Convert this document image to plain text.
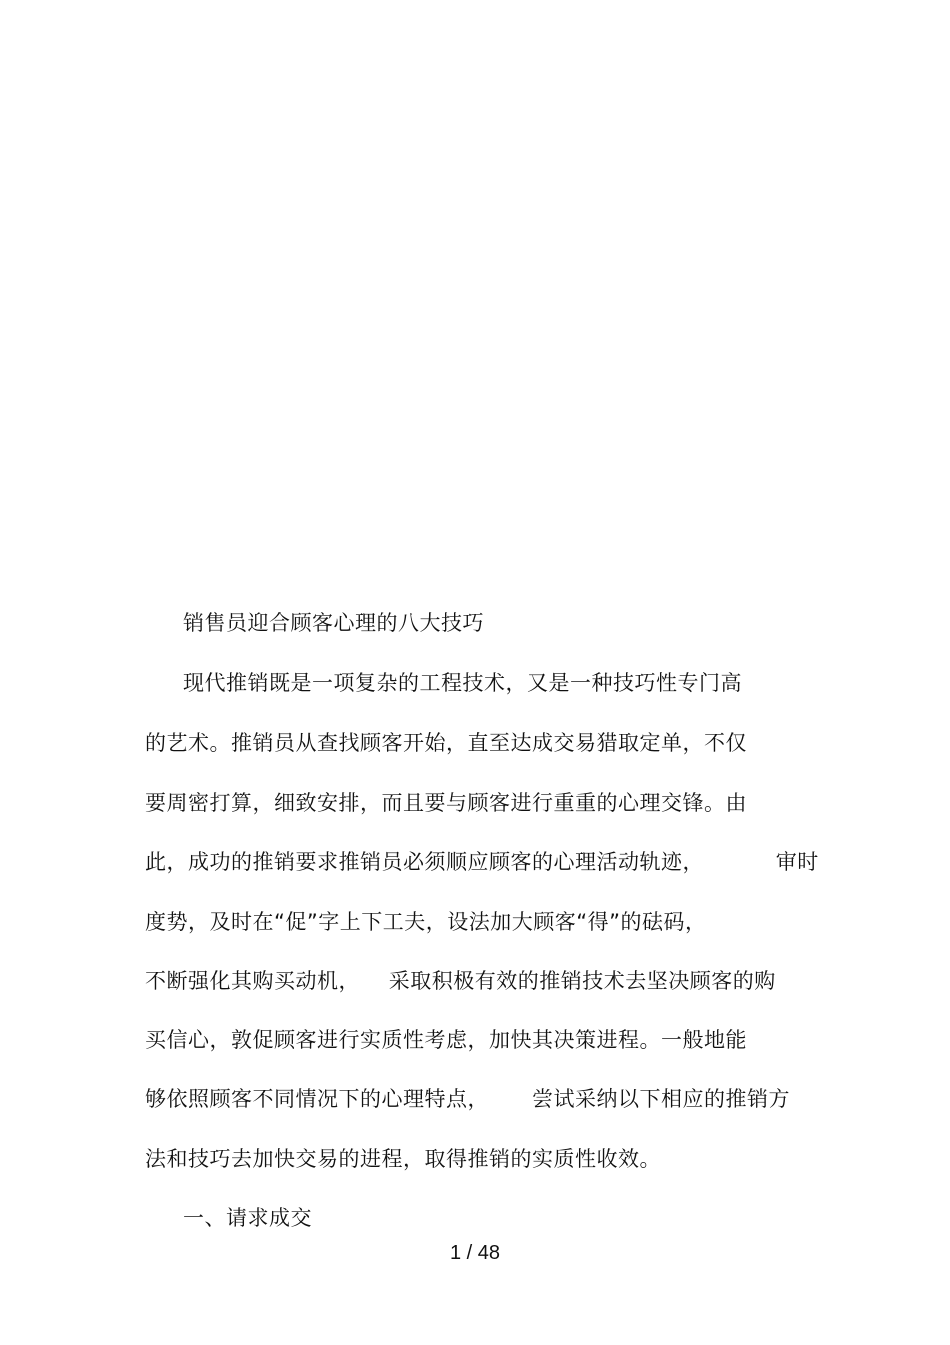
销售员迎合顾客心理的八大技巧
现代推销既是一项复杂的工程技术，又是一种技巧性专门高
的艺术。推销员从查找顾客开始，直至达成交易猎取定单，不仅
要周密打算，细致安排，而且要与顾客进行重重的心理交锋。由
此，成功的推销要求推销员必须顺应顾客的心理活动轨迹，          审时
度势，及时在“促”字上下工夫，设法加大顾客“得”的砝码，
不断强化其购买动机，    采取积极有效的推销技术去坚决顾客的购
买信心，敦促顾客进行实质性考虑，加快其决策进程。一般地能
够依照顾客不同情况下的心理特点，      尝试采纳以下相应的推销方
法和技巧去加快交易的进程，取得推销的实质性收效。
一、请求成交
1 / 48
